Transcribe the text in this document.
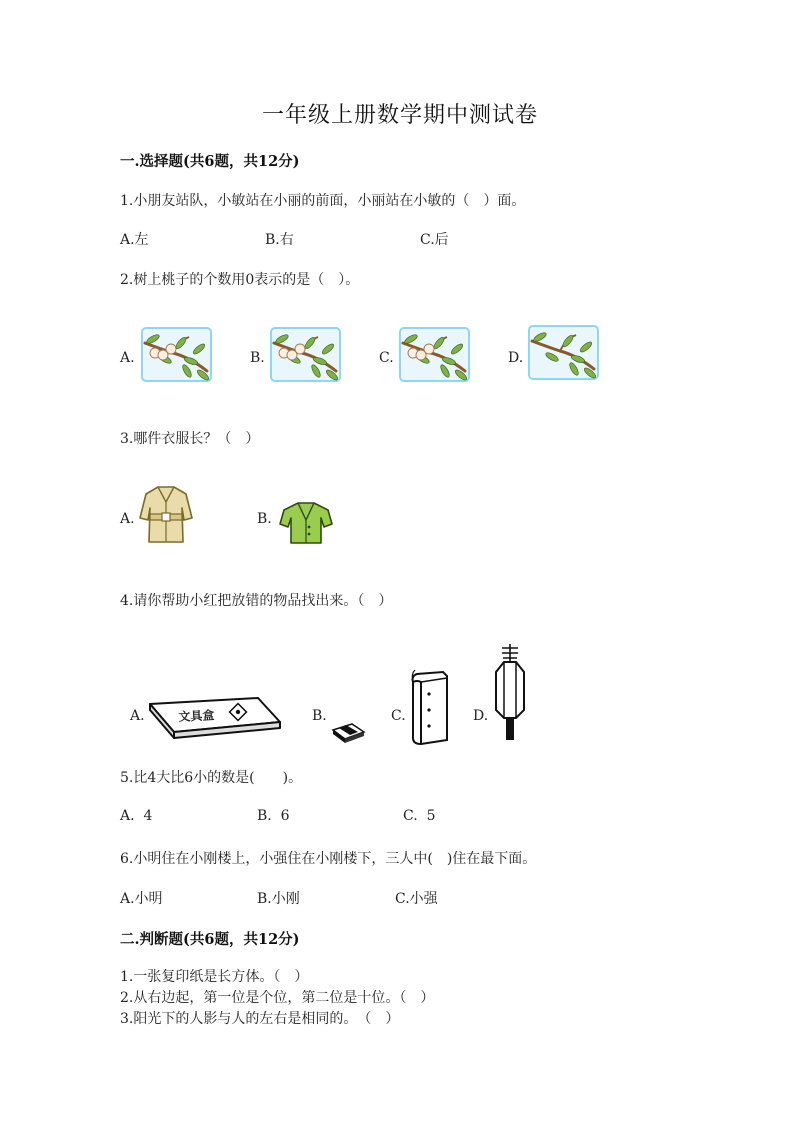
一年级上册数学期中测试卷
一.选择题(共6题，共12分)
1.小朋友站队，小敏站在小丽的前面，小丽站在小敏的（　）面。
A.左	B.右	C.后
2.树上桃子的个数用0表示的是（　）。
A.	B.	C.	D.
3.哪件衣服长？（　）
A.	B.
4.请你帮助小红把放错的物品找出来。（　）
A.	B.	C.	D.
文具盒
5.比4大比6小的数是(　　)。
A.  4	B.  6	C.  5
6.小明住在小刚楼上，小强住在小刚楼下，三人中(　)住在最下面。
A.小明	B.小刚	C.小强
二.判断题(共6题，共12分)
1.一张复印纸是长方体。（　）
2.从右边起，第一位是个位，第二位是十位。（　）
3.阳光下的人影与人的左右是相同的。　（　）
